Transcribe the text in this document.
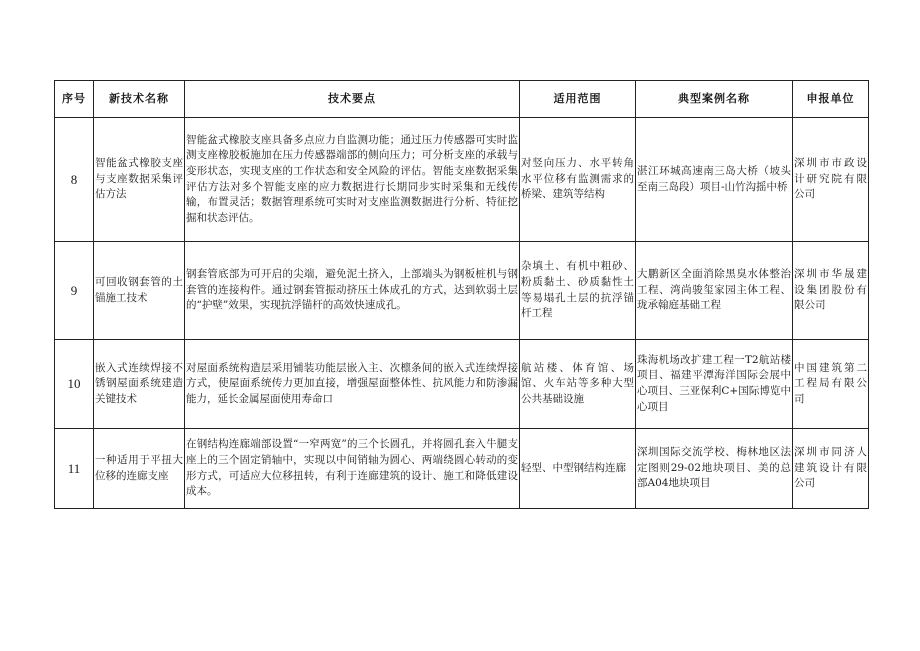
序号	新技术名称	技术要点	适用范围	典型案例名称	申报单位
8	智能盆式橡胶支座与支座数据采集评估方法	智能盆式橡胶支座具备多点应力自监测功能；通过压力传感器可实时监测支座橡胶板施加在压力传感器端部的侧向压力；可分析支座的承载与变形状态，实现支座的工作状态和安全风险的评估。智能支座数据采集评估方法对多个智能支座的应力数据进行长期同步实时采集和无线传输，布置灵活；数据管理系统可实时对支座监测数据进行分析、特征挖掘和状态评估。	对竖向压力、水平转角水平位移有监测需求的桥梁、建筑等结构	湛江环城高速南三岛大桥（坡头至南三岛段）项目-山竹沟摇中桥	深圳市市政设计研究院有限公司
9	可回收钢套管的土锚施工技术	钢套管底部为可开启的尖端，避免泥土挤入，上部端头为钢板桩机与钢套管的连接构件。通过钢套管振动挤压土体成孔的方式，达到软弱土层的“护壁”效果，实现抗浮锚杆的高效快速成孔。	杂填土、有机中粗砂、粉质黏土、砂质黏性土等易塌孔土层的抗浮锚杆工程	大鹏新区全面消除黑臭水体整治工程、湾尚骏玺家园主体工程、珑承翰庭基础工程	深圳市华晟建设集团股份有限公司
10	嵌入式连续焊接不锈钢屋面系统建造关键技术	对屋面系统构造层采用铺装功能层嵌入主、次檩条间的嵌入式连续焊接方式，使屋面系统传力更加直接，增强屋面整体性、抗风能力和防渗漏能力，延长金属屋面使用寿命口	航站楼、体育馆、场馆、火车站等多种大型公共基础设施	珠海机场改扩建工程一T2航站楼项目、福建平潭海洋国际会展中心项目、三亚保利C+国际博览中心项目	中国建筑第二工程局有限公司
11	一种适用于平扭大位移的连廊支座	在钢结构连廊端部设置“一窄两宽”的三个长圆孔，并将圆孔套入牛腿支座上的三个固定销轴中，实现以中间销轴为圆心、两端绕圆心转动的变形方式，可适应大位移扭转，有利于连廊建筑的设计、施工和降低建设成本。	轻型、中型钢结构连廊	深圳国际交流学校、梅林地区法定图则29-02地块项目、美的总部A04地块项目	深圳市同济人建筑设计有限公司
